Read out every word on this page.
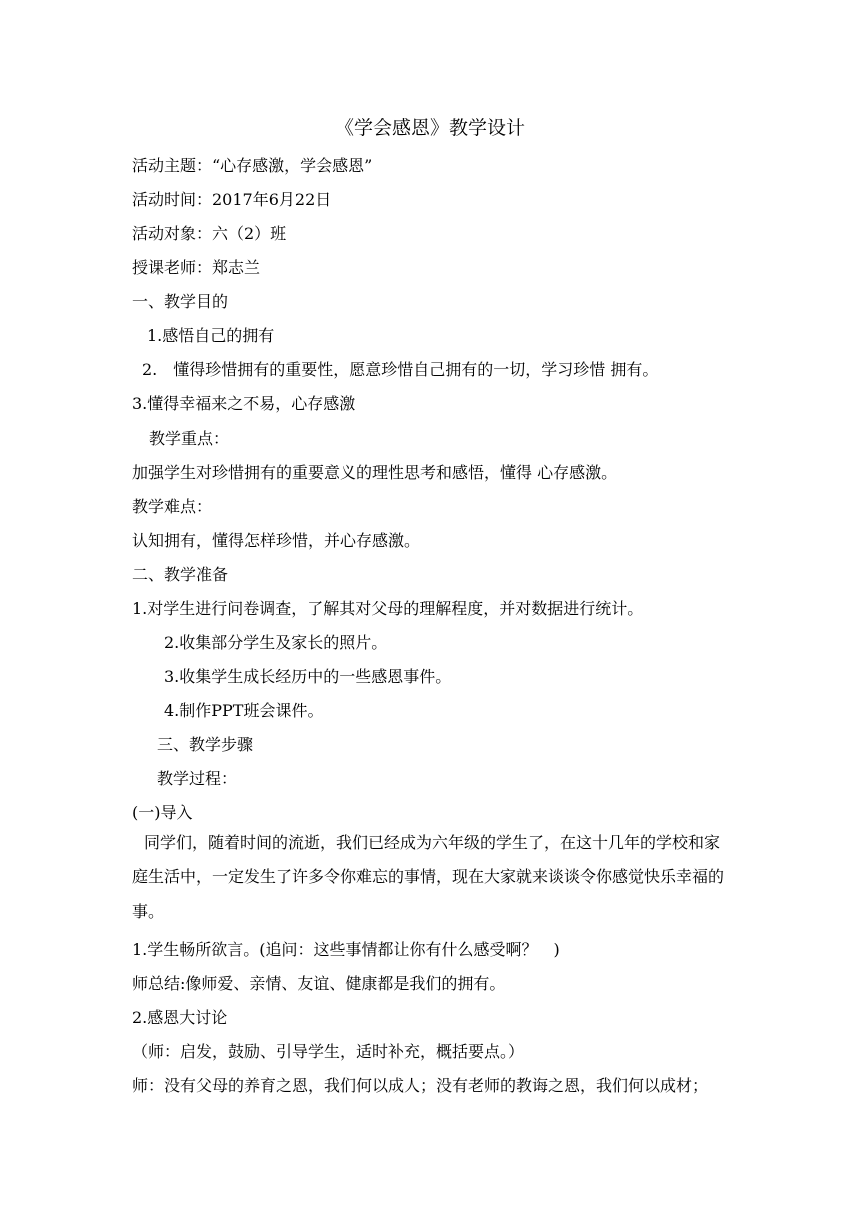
《学会感恩》教学设计
活动主题：“心存感激，学会感恩”
活动时间：2017年6月22日
活动对象：六（2）班
授课老师：郑志兰
一、教学目的
1.感悟自己的拥有
2.　懂得珍惜拥有的重要性，愿意珍惜自己拥有的一切，学习珍惜 拥有。
3.懂得幸福来之不易，心存感激
教学重点：
加强学生对珍惜拥有的重要意义的理性思考和感悟，懂得 心存感激。
教学难点：
认知拥有，懂得怎样珍惜，并心存感激。
二、教学准备
1.对学生进行问卷调查，了解其对父母的理解程度，并对数据进行统计。
2.收集部分学生及家长的照片。
3.收集学生成长经历中的一些感恩事件。
4.制作PPT班会课件。
三、教学步骤
教学过程：
(一)导入
同学们，随着时间的流逝，我们已经成为六年级的学生了，在这十几年的学校和家庭生活中，一定发生了许多令你难忘的事情，现在大家就来谈谈令你感觉快乐幸福的事。
1.学生畅所欲言。(追问：这些事情都让你有什么感受啊？　)
师总结:像师爱、亲情、友谊、健康都是我们的拥有。
2.感恩大讨论
（师：启发，鼓励、引导学生，适时补充，概括要点。）
师：没有父母的养育之恩，我们何以成人；没有老师的教诲之恩，我们何以成材；
